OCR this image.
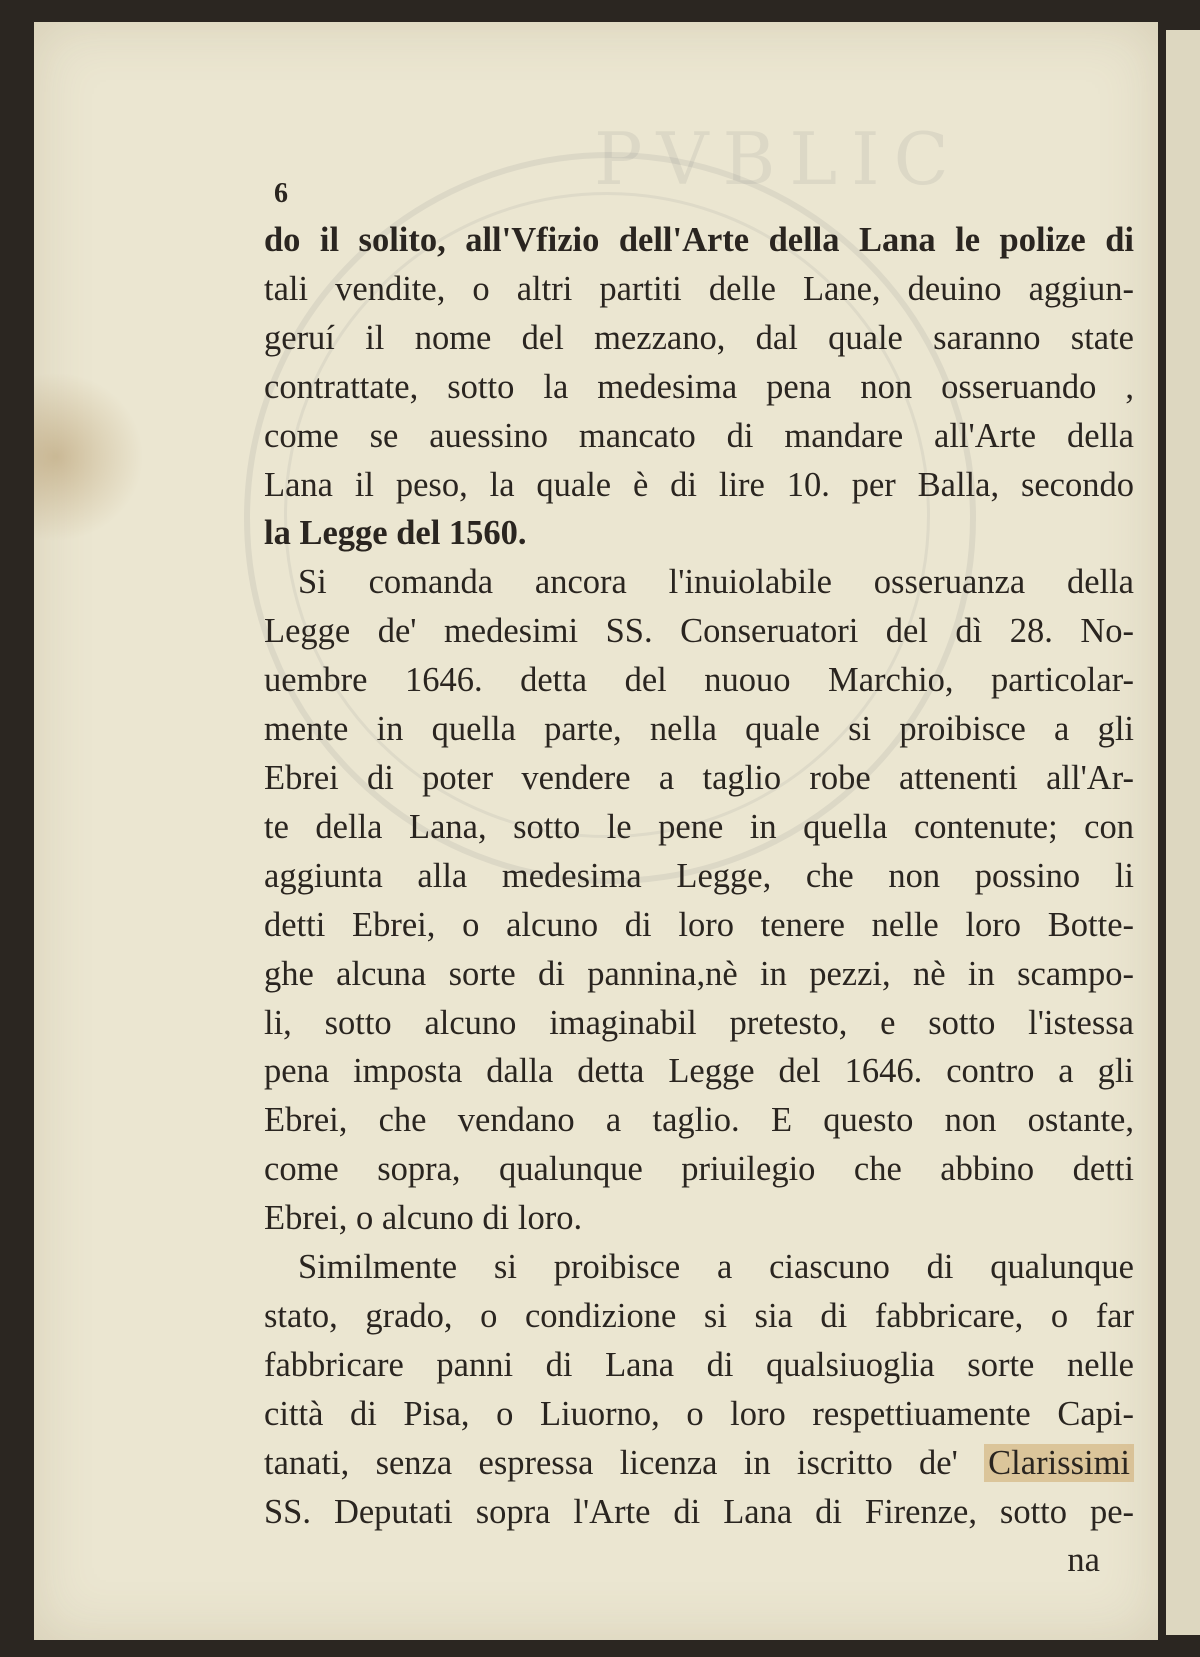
PVBLIC
6
do il solito, all'Vfizio dell'Arte della Lana le polize di
tali vendite, o altri partiti delle Lane, deuino aggiun-
geruí il nome del mezzano, dal quale saranno state
contrattate, sotto la medesima pena non osseruando ,
come se auessino mancato di mandare all'Arte della
Lana il peso, la quale è di lire 10. per Balla, secondo
la Legge del 1560.
Si comanda ancora l'inuiolabile osseruanza della
Legge de' medesimi SS. Conseruatori del dì 28. No-
uembre 1646. detta del nuouo Marchio, particolar-
mente in quella parte, nella quale si proibisce a gli
Ebrei di poter vendere a taglio robe attenenti all'Ar-
te della Lana, sotto le pene in quella contenute; con
aggiunta alla medesima Legge, che non possino li
detti Ebrei, o alcuno di loro tenere nelle loro Botte-
ghe alcuna sorte di pannina,nè in pezzi, nè in scampo-
li, sotto alcuno imaginabil pretesto, e sotto l'istessa
pena imposta dalla detta Legge del 1646. contro a gli
Ebrei, che vendano a taglio. E questo non ostante,
come sopra, qualunque priuilegio che abbino detti
Ebrei, o alcuno di loro.
Similmente si proibisce a ciascuno di qualunque
stato, grado, o condizione si sia di fabbricare, o far
fabbricare panni di Lana di qualsiuoglia sorte nelle
città di Pisa, o Liuorno, o loro respettiuamente Capi-
tanati, senza espressa licenza in iscritto de' Clarissimi
SS. Deputati sopra l'Arte di Lana di Firenze, sotto pe-
na
